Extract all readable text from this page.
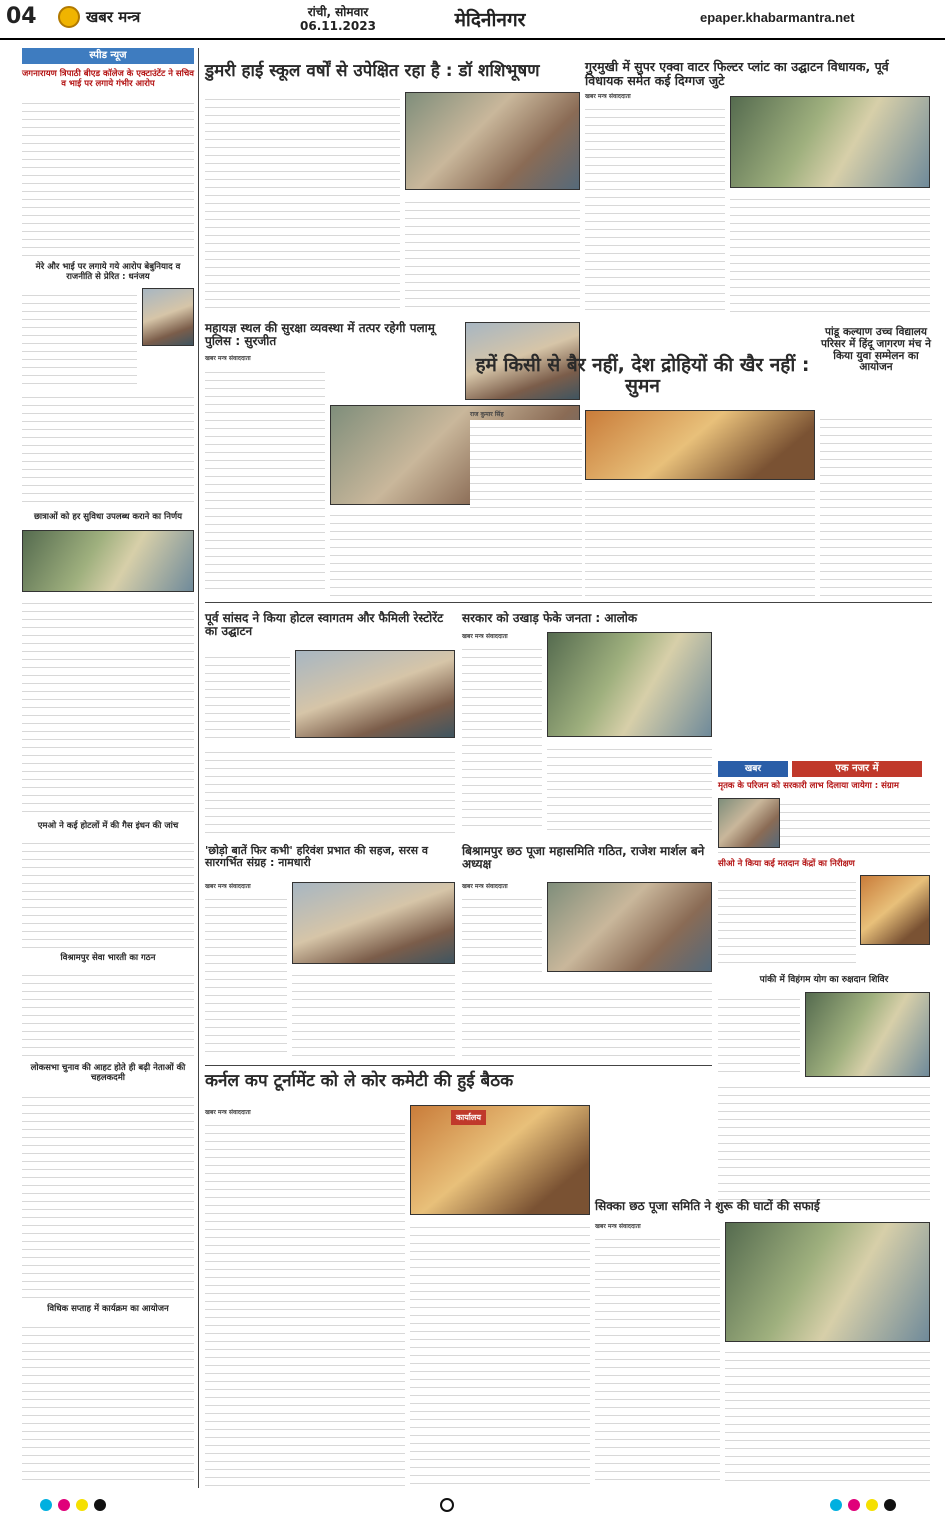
04	खबर मन्त्र	रांची, सोमवार
06.11.2023	मेदिनीनगर	epaper.khabarmantra.net
स्पीड न्यूज
जगनारायण त्रिपाठी बीएड कॉलेज के एक्टाउंटेंट ने सचिव व भाई पर लगाये गंभीर आरोप
मेरे और भाई पर लगाये गये आरोप बेबुनियाद व राजनीति से प्रेरित : धनंजय
छात्राओं को हर सुविधा उपलब्ध कराने का निर्णय
एमओ ने कई होटलों में की गैस इंधन की जांच
विश्रामपुर सेवा भारती का गठन
लोकसभा चुनाव की आहट होते ही बढ़ी नेताओं की चहलकदमी
विधिक सप्ताह में कार्यक्रम का आयोजन
डुमरी हाई स्कूल वर्षों से उपेक्षित रहा है : डॉ शशिभूषण	गुरमुखी में सुपर एक्वा वाटर फिल्टर प्लांट का उद्घाटन विधायक, पूर्व विधायक समेत कई दिग्गज जुटे
खबर मन्त्र संवाददाता
महायज्ञ स्थल की सुरक्षा व्यवस्था में तत्पर रहेगी पलामू पुलिस : सुरजीत
खबर मन्त्र संवाददाता	हमें किसी से बैर नहीं, देश द्रोहियों की खैर नहीं : सुमन
राज कुमार सिंह
पांडू कल्याण उच्च विद्यालय परिसर में हिंदू जागरण मंच ने किया युवा सम्मेलन का आयोजन
पूर्व सांसद ने किया होटल स्वागतम और फैमिली रेस्टोरेंट का उद्घाटन
सरकार को उखाड़ फेके जनता : आलोक
खबर मन्त्र संवाददाता
खबर	एक नजर में
मृतक के परिजन को सरकारी लाभ दिलाया जायेगा : संग्राम
सीओ ने किया कई मतदान केंद्रों का निरीक्षण
'छोड़ो बातें फिर कभी' हरिवंश प्रभात की सहज, सरस व सारगर्भित संग्रह : नामधारी
खबर मन्त्र संवाददाता
बिश्रामपुर छठ पूजा महासमिति गठित, राजेश मार्शल बने अध्यक्ष
खबर मन्त्र संवाददाता
पांकी में विहंगम योग का रुक्षदान शिविर
कर्नल कप टूर्नामेंट को ले कोर कमेटी की हुई बैठक
खबर मन्त्र संवाददाता
कार्यालय
सिक्का छठ पूजा समिति ने शुरू की घाटों की सफाई
खबर मन्त्र संवाददाता
